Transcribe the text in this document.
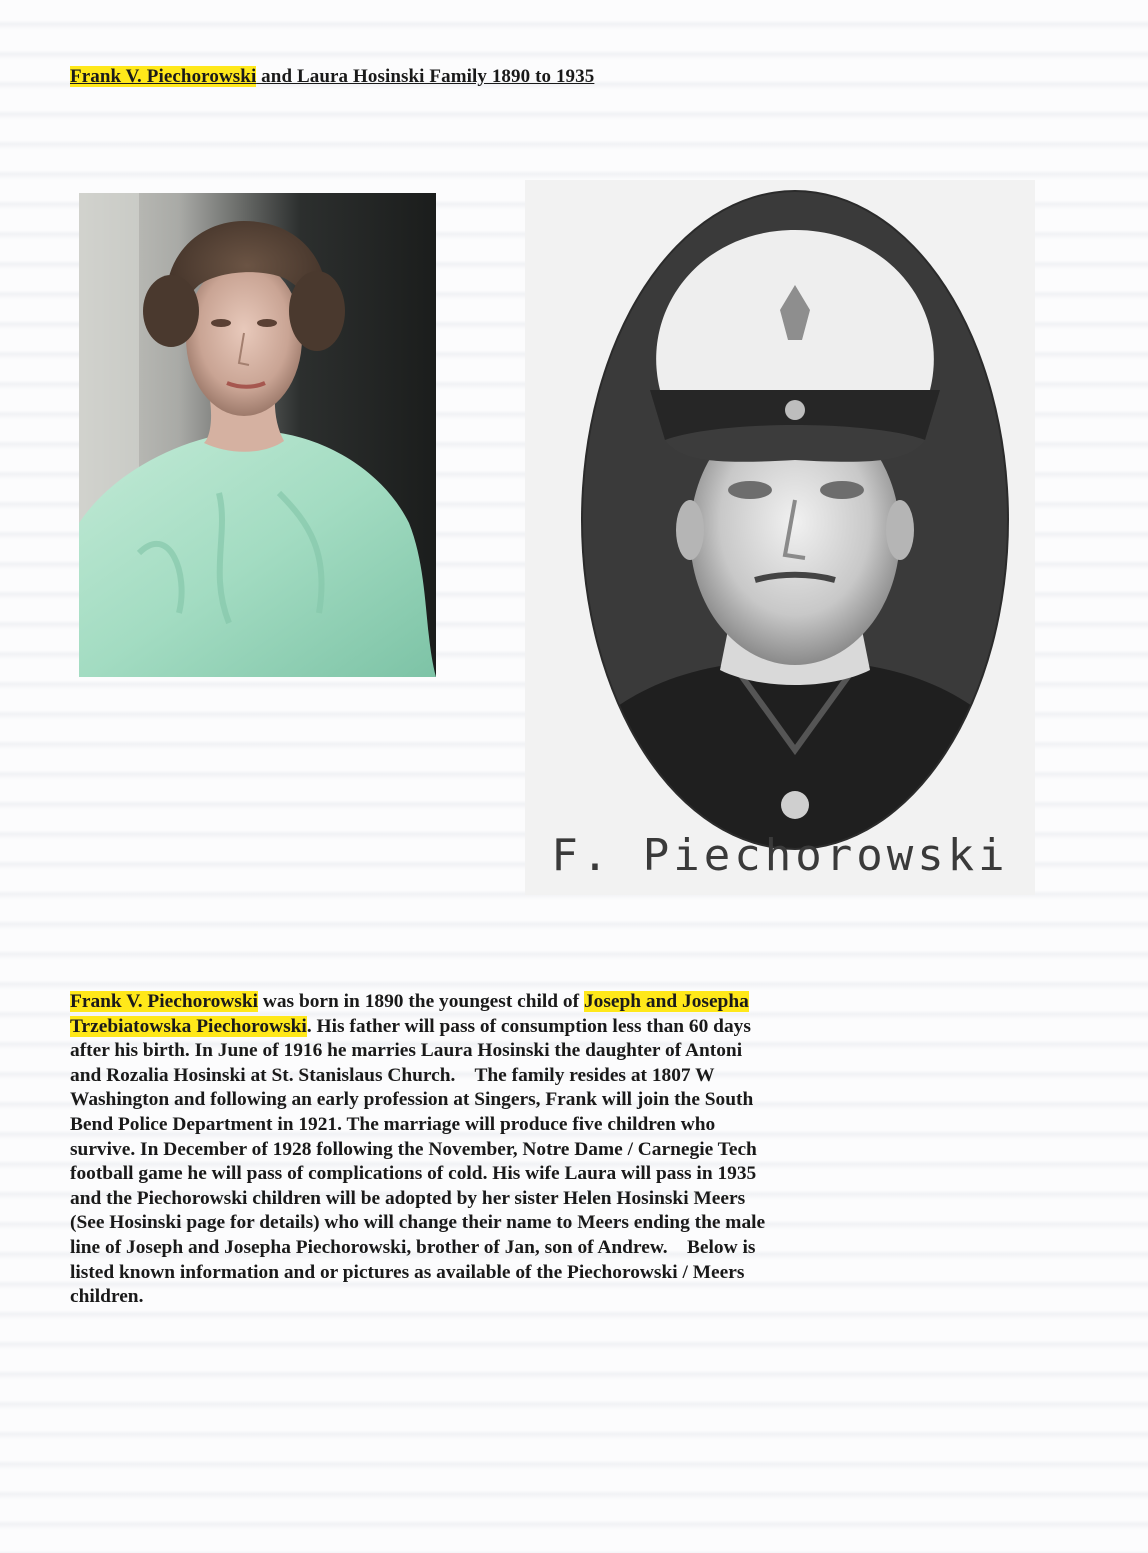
Frank V. Piechorowski and Laura Hosinski Family 1890 to 1935
F. Piechorowski
Frank V. Piechorowski was born in 1890 the youngest child of Joseph and Josepha
Trzebiatowska Piechorowski. His father will pass of consumption less than 60 days
after his birth. In June of 1916 he marries Laura Hosinski the daughter of Antoni
and Rozalia Hosinski at St. Stanislaus Church.    The family resides at 1807 W
Washington and following an early profession at Singers, Frank will join the South
Bend Police Department in 1921. The marriage will produce five children who
survive. In December of 1928 following the November, Notre Dame / Carnegie Tech
football game he will pass of complications of cold. His wife Laura will pass in 1935
and the Piechorowski children will be adopted by her sister Helen Hosinski Meers
(See Hosinski page for details) who will change their name to Meers ending the male
line of Joseph and Josepha Piechorowski, brother of Jan, son of Andrew.    Below is
listed known information and or pictures as available of the Piechorowski / Meers
children.
